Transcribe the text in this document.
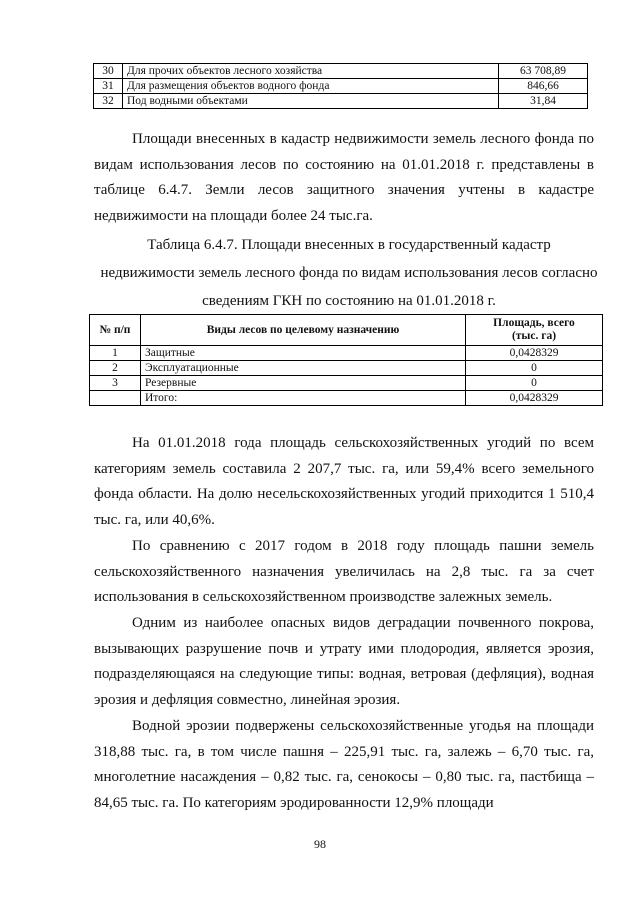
30	Для прочих объектов лесного хозяйства	63 708,89
31	Для размещения объектов водного фонда	846,66
32	Под водными объектами	31,84

Площади внесенных в кадастр недвижимости земель лесного фонда по видам использования лесов по состоянию на 01.01.2018 г. представлены в таблице 6.4.7. Земли лесов защитного значения учтены в кадастре недвижимости на площади более 24 тыс.га.

Таблица 6.4.7. Площади внесенных в государственный кадастр
недвижимости земель лесного фонда по видам использования лесов согласно
сведениям ГКН по состоянию на 01.01.2018 г.
№ п/п	Виды лесов по целевому назначению	Площадь, всего
(тыс. га)

1	Защитные	0,0428329
2	Эксплуатационные	0
3	Резервные	0
	Итого:	0,0428329

На 01.01.2018 года площадь сельскохозяйственных угодий по всем категориям земель составила 2 207,7 тыс. га, или 59,4% всего земельного фонда области. На долю несельскохозяйственных угодий приходится 1 510,4 тыс. га, или 40,6%.

По сравнению с 2017 годом в 2018 году площадь пашни земель сельскохозяйственного назначения увеличилась на 2,8 тыс. га за счет использования в сельскохозяйственном производстве залежных земель.

Одним из наиболее опасных видов деградации почвенного покрова, вызывающих разрушение почв и утрату ими плодородия, является эрозия, подразделяющаяся на следующие типы: водная, ветровая (дефляция), водная эрозия и дефляция совместно, линейная эрозия.

Водной эрозии подвержены сельскохозяйственные угодья на площади 318,88 тыс. га, в том числе пашня – 225,91 тыс. га, залежь – 6,70 тыс. га, многолетние насаждения – 0,82 тыс. га, сенокосы – 0,80 тыс. га, пастбища – 84,65 тыс. га. По категориям эродированности 12,9% площади

98
